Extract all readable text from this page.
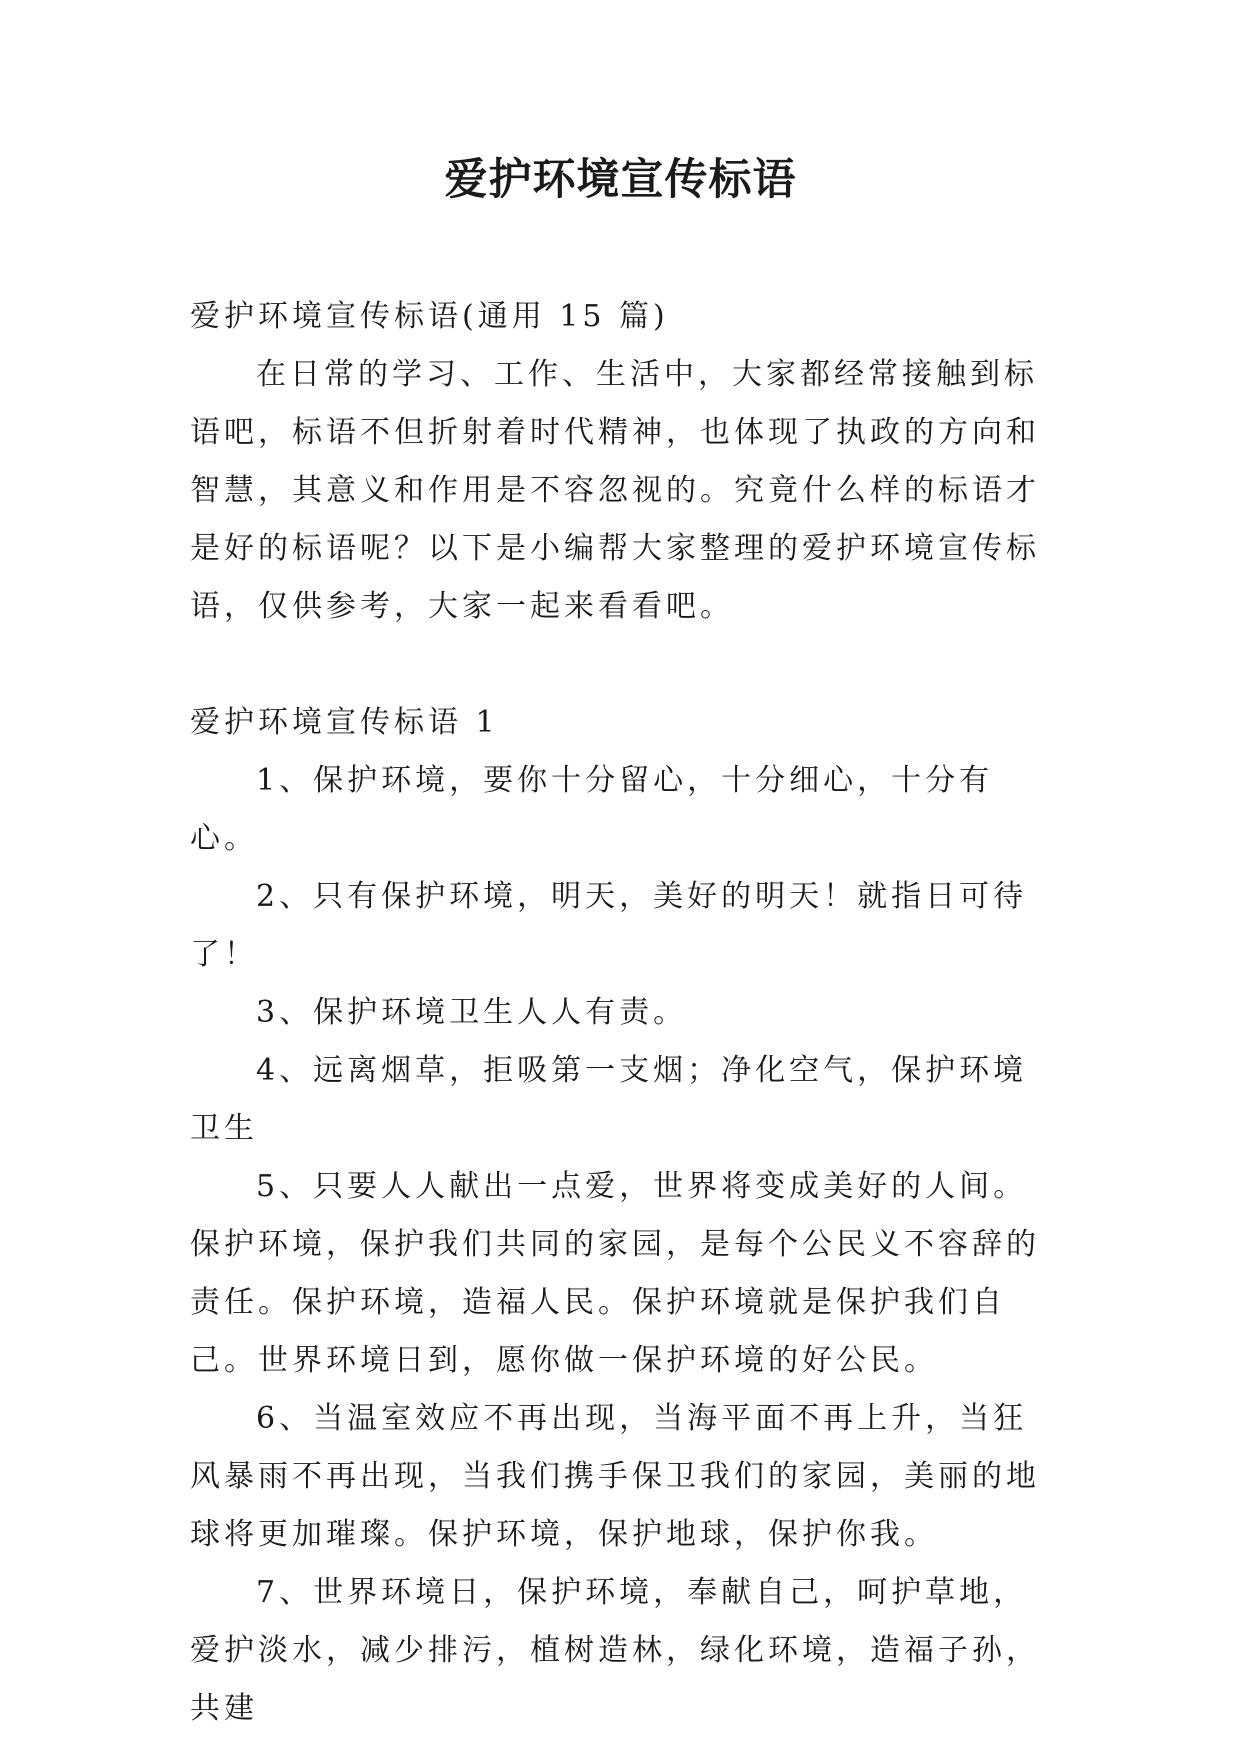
爱护环境宣传标语

爱护环境宣传标语(通用 15 篇)

在日常的学习、工作、生活中，大家都经常接触到标语吧，标语不但折射着时代精神，也体现了执政的方向和智慧，其意义和作用是不容忽视的。究竟什么样的标语才是好的标语呢？以下是小编帮大家整理的爱护环境宣传标语，仅供参考，大家一起来看看吧。

爱护环境宣传标语 1

1、保护环境，要你十分留心，十分细心，十分有心。

2、只有保护环境，明天，美好的明天！就指日可待了！

3、保护环境卫生人人有责。

4、远离烟草，拒吸第一支烟；净化空气，保护环境卫生

5、只要人人献出一点爱，世界将变成美好的人间。保护环境，保护我们共同的家园，是每个公民义不容辞的责任。保护环境，造福人民。保护环境就是保护我们自己。世界环境日到，愿你做一保护环境的好公民。

6、当温室效应不再出现，当海平面不再上升，当狂风暴雨不再出现，当我们携手保卫我们的家园，美丽的地球将更加璀璨。保护环境，保护地球，保护你我。

7、世界环境日，保护环境，奉献自己，呵护草地，爱护淡水，减少排污，植树造林，绿化环境，造福子孙，共建
